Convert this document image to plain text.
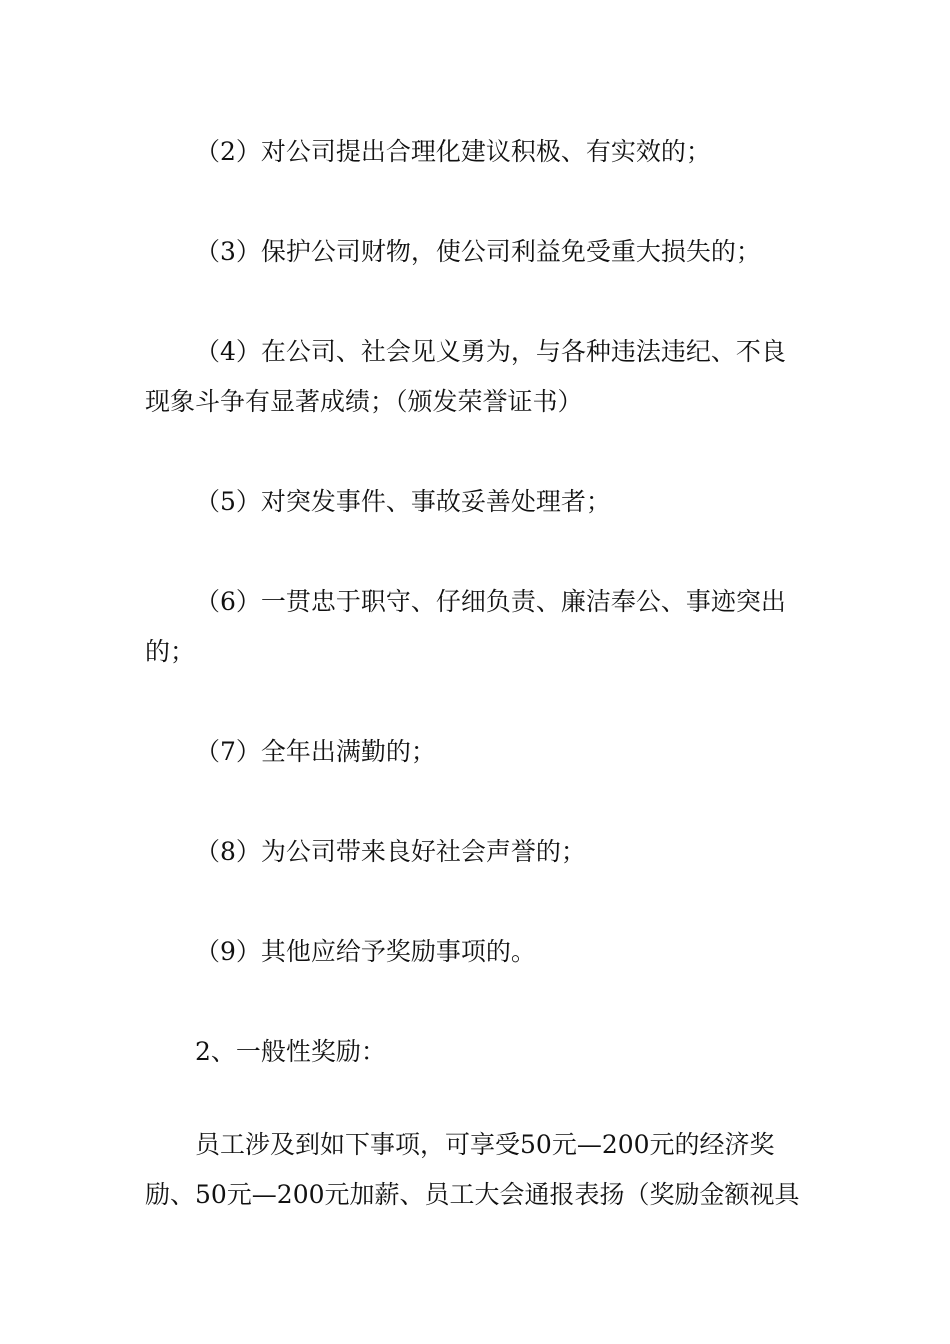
（2）对公司提出合理化建议积极、有实效的；

（3）保护公司财物，使公司利益免受重大损失的；

（4）在公司、社会见义勇为，与各种违法违纪、不良现象斗争有显著成绩；（颁发荣誉证书）

（5）对突发事件、事故妥善处理者；

（6）一贯忠于职守、仔细负责、廉洁奉公、事迹突出的；

（7）全年出满勤的；

（8）为公司带来良好社会声誉的；

（9）其他应给予奖励事项的。

2、一般性奖励：

员工涉及到如下事项，可享受50元—200元的经济奖励、50元—200元加薪、员工大会通报表扬（奖励金额视具
